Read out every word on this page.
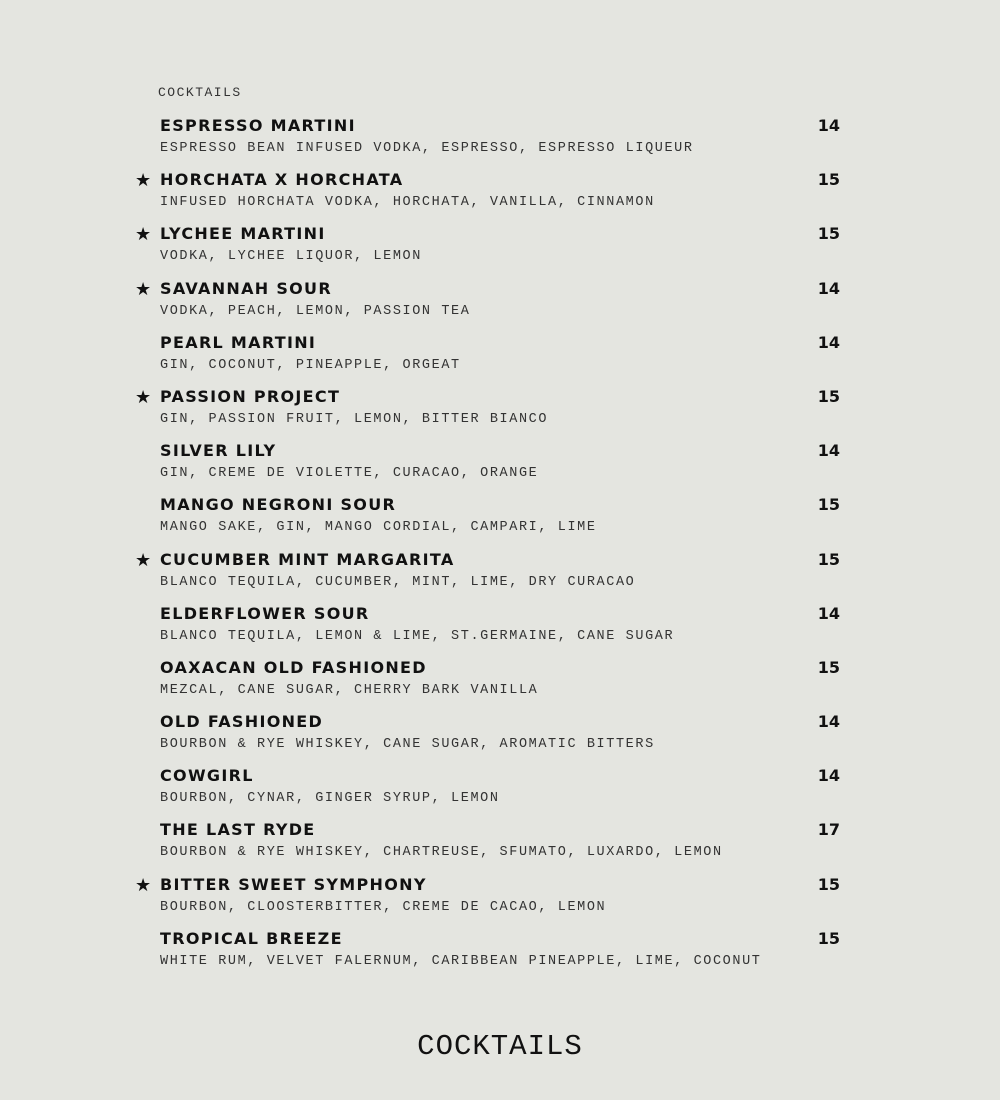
COCKTAILS
ESPRESSO MARTINI	14
ESPRESSO BEAN INFUSED VODKA, ESPRESSO, ESPRESSO LIQUEUR
★ HORCHATA X HORCHATA	15
INFUSED HORCHATA VODKA, HORCHATA, VANILLA, CINNAMON
★ LYCHEE MARTINI	15
VODKA, LYCHEE LIQUOR, LEMON
★ SAVANNAH SOUR	14
VODKA, PEACH, LEMON, PASSION TEA
PEARL MARTINI	14
GIN, COCONUT, PINEAPPLE, ORGEAT
★ PASSION PROJECT	15
GIN, PASSION FRUIT, LEMON, BITTER BIANCO
SILVER LILY	14
GIN, CREME DE VIOLETTE, CURACAO, ORANGE
MANGO NEGRONI SOUR	15
MANGO SAKE, GIN, MANGO CORDIAL, CAMPARI, LIME
★ CUCUMBER MINT MARGARITA	15
BLANCO TEQUILA, CUCUMBER, MINT, LIME, DRY CURACAO
ELDERFLOWER SOUR	14
BLANCO TEQUILA, LEMON & LIME, ST.GERMAINE, CANE SUGAR
OAXACAN OLD FASHIONED	15
MEZCAL, CANE SUGAR, CHERRY BARK VANILLA
OLD FASHIONED	14
BOURBON & RYE WHISKEY, CANE SUGAR, AROMATIC BITTERS
COWGIRL	14
BOURBON, CYNAR, GINGER SYRUP, LEMON
THE LAST RYDE	17
BOURBON & RYE WHISKEY, CHARTREUSE, SFUMATO, LUXARDO, LEMON
★ BITTER SWEET SYMPHONY	15
BOURBON, CLOOSTERBITTER, CREME DE CACAO, LEMON
TROPICAL BREEZE	15
WHITE RUM, VELVET FALERNUM, CARIBBEAN PINEAPPLE, LIME, COCONUT
COCKTAILS
